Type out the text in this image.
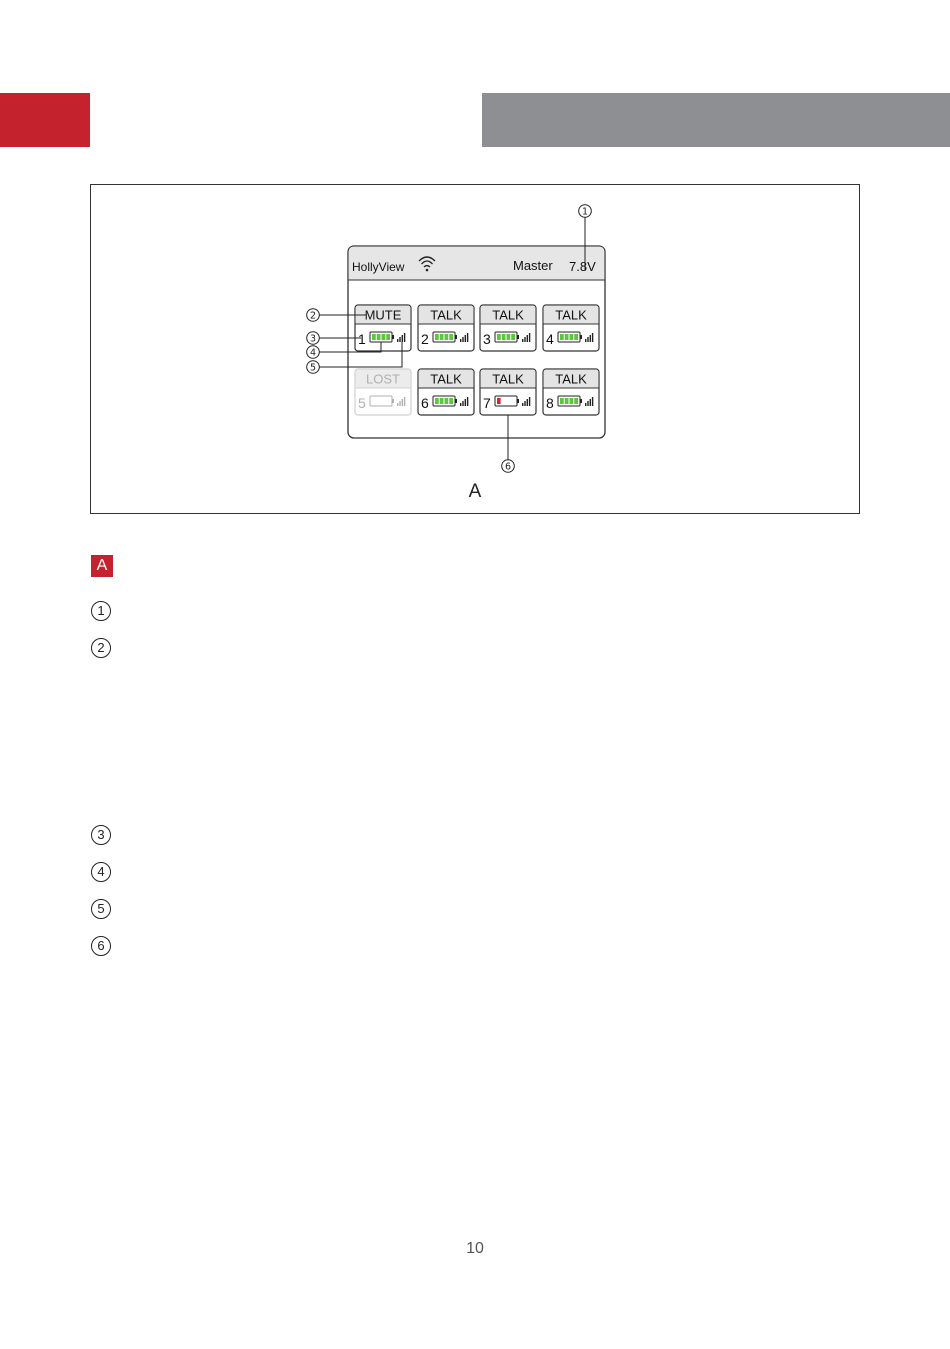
HollyView	Master 7.8V
MUTE
1
TALK
2
TALK
3
TALK
4
LOST
5
TALK
6
TALK
7
TALK
8
1
2
3
4
5
6
A
A
1
2
3
4
5
6
10
